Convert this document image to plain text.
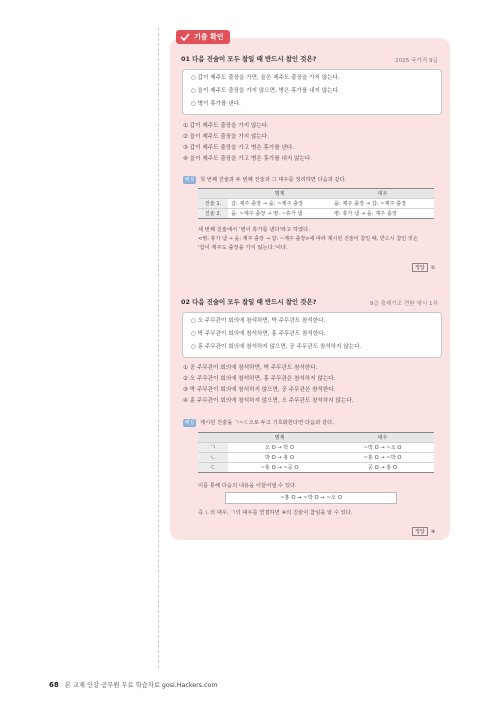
기출 확인
01 다음 진술이 모두 참일 때 반드시 참인 것은?	2025 국가직 9급
○ 갑이 제주도 출장을 가면, 을은 제주도 출장을 가지 않는다.
○ 을이 제주도 출장을 가지 않으면, 병은 휴가를 내지 않는다.
○ 병이 휴가를 낸다.
① 갑이 제주도 출장을 가지 않는다.
② 을이 제주도 출장을 가지 않는다.
③ 갑이 제주도 출장을 가고 병은 휴가를 낸다.
④ 을이 제주도 출장을 가고 병은 휴가를 내지 않는다.
해설	첫 번째 진술과 두 번째 진술과 그 대우를 정리하면 다음과 같다.
	명제	대우
진술 1.	갑: 제주 출장 → 을: ~제주 출장	을: 제주 출장 → 갑: ~제주 출장
진술 2.	을: ~제주 출장 → 병: ~휴가 냄	병: 휴가 냄 → 을: 제주 출장
세 번째 진술에서 '병이 휴가를 낸다'라고 하였다.
<병: 휴가 냄 → 을: 제주 출장 → 갑: ~제주 출장>에 따라 제시된 진술이 참일 때, 반드시 참인 것은
'갑이 제주도 출장을 가지 않는다.'이다.
정답 ①
02 다음 진술이 모두 참일 때 반드시 참인 것은?	9급 출제기조 전환 예시 1차
○ 오 주무관이 회의에 참석하면, 박 주무관도 참석한다.
○ 박 주무관이 회의에 참석하면, 홍 주무관도 참석한다.
○ 홍 주무관이 회의에 참석하지 않으면, 공 주무관도 참석하지 않는다.
① 공 주무관이 회의에 참석하면, 박 주무관도 참석한다.
② 오 주무관이 회의에 참석하면, 홍 주무관은 참석하지 않는다.
③ 박 주무관이 회의에 참석하지 않으면, 공 주무관은 참석한다.
④ 홍 주무관이 회의에 참석하지 않으면, 오 주무관도 참석하지 않는다.
해설	제시된 진술을 ㄱ~ㄷ으로 두고 기호화한다면 다음과 같다.
	명제	대우
ㄱ	오 O → 박 O	~박 O → ~오 O
ㄴ	박 O → 홍 O	~홍 O → ~박 O
ㄷ	~홍 O → ~공 O	공 O → 홍 O
이를 통해 다음의 내용을 이끌어낼 수 있다.
~홍 O → ~박 O → ~오 O
즉 ㄴ의 대우, ㄱ의 대우를 연결하면 ④의 진술이 참임을 알 수 있다.
정답 ④
68 본 교재 인강·공무원 무료 학습자료 gosi.Hackers.com
